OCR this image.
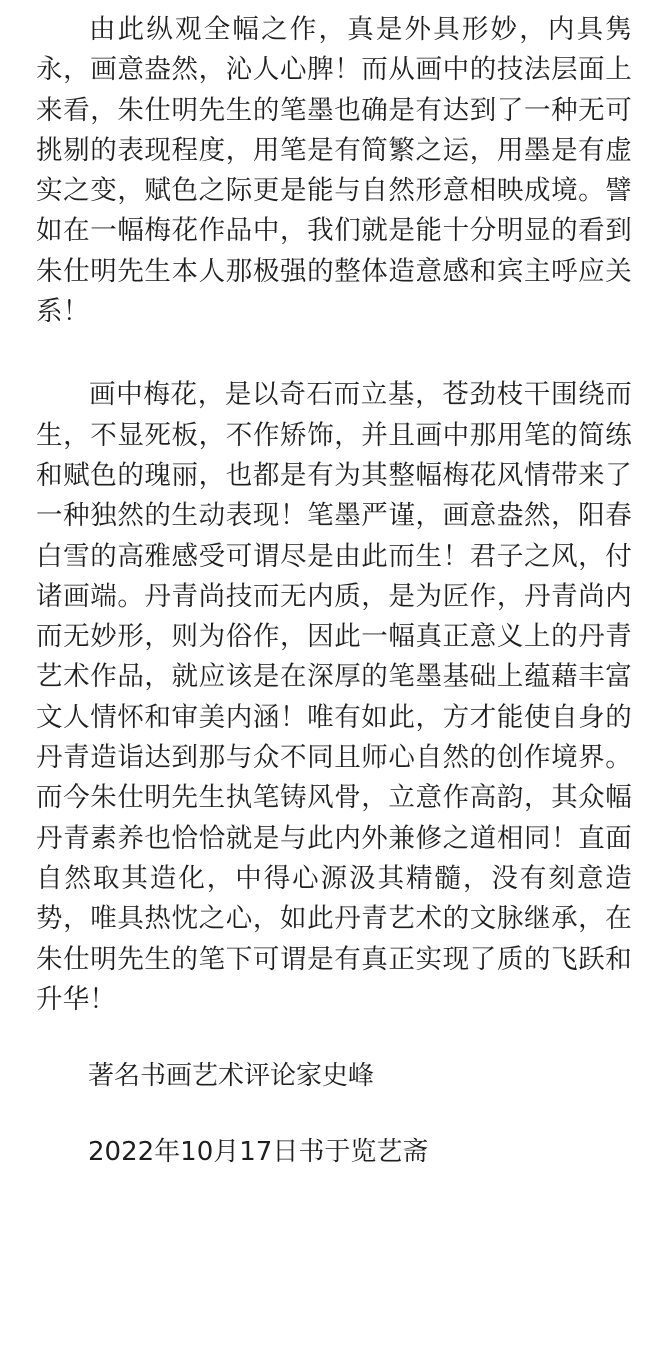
由此纵观全幅之作，真是外具形妙，内具隽永，画意盎然，沁人心脾！而从画中的技法层面上来看，朱仕明先生的笔墨也确是有达到了一种无可挑剔的表现程度，用笔是有简繁之运，用墨是有虚实之变，赋色之际更是能与自然形意相映成境。譬如在一幅梅花作品中，我们就是能十分明显的看到朱仕明先生本人那极强的整体造意感和宾主呼应关系！

画中梅花，是以奇石而立基，苍劲枝干围绕而生，不显死板，不作矫饰，并且画中那用笔的简练和赋色的瑰丽，也都是有为其整幅梅花风情带来了一种独然的生动表现！笔墨严谨，画意盎然，阳春白雪的高雅感受可谓尽是由此而生！君子之风，付诸画端。丹青尚技而无内质，是为匠作，丹青尚内而无妙形，则为俗作，因此一幅真正意义上的丹青艺术作品，就应该是在深厚的笔墨基础上蕴藉丰富文人情怀和审美内涵！唯有如此，方才能使自身的丹青造诣达到那与众不同且师心自然的创作境界。而今朱仕明先生执笔铸风骨，立意作高韵，其众幅丹青素养也恰恰就是与此内外兼修之道相同！直面自然取其造化，中得心源汲其精髓，没有刻意造势，唯具热忱之心，如此丹青艺术的文脉继承，在朱仕明先生的笔下可谓是有真正实现了质的飞跃和升华！

著名书画艺术评论家史峰

2022年10月17日书于览艺斋
